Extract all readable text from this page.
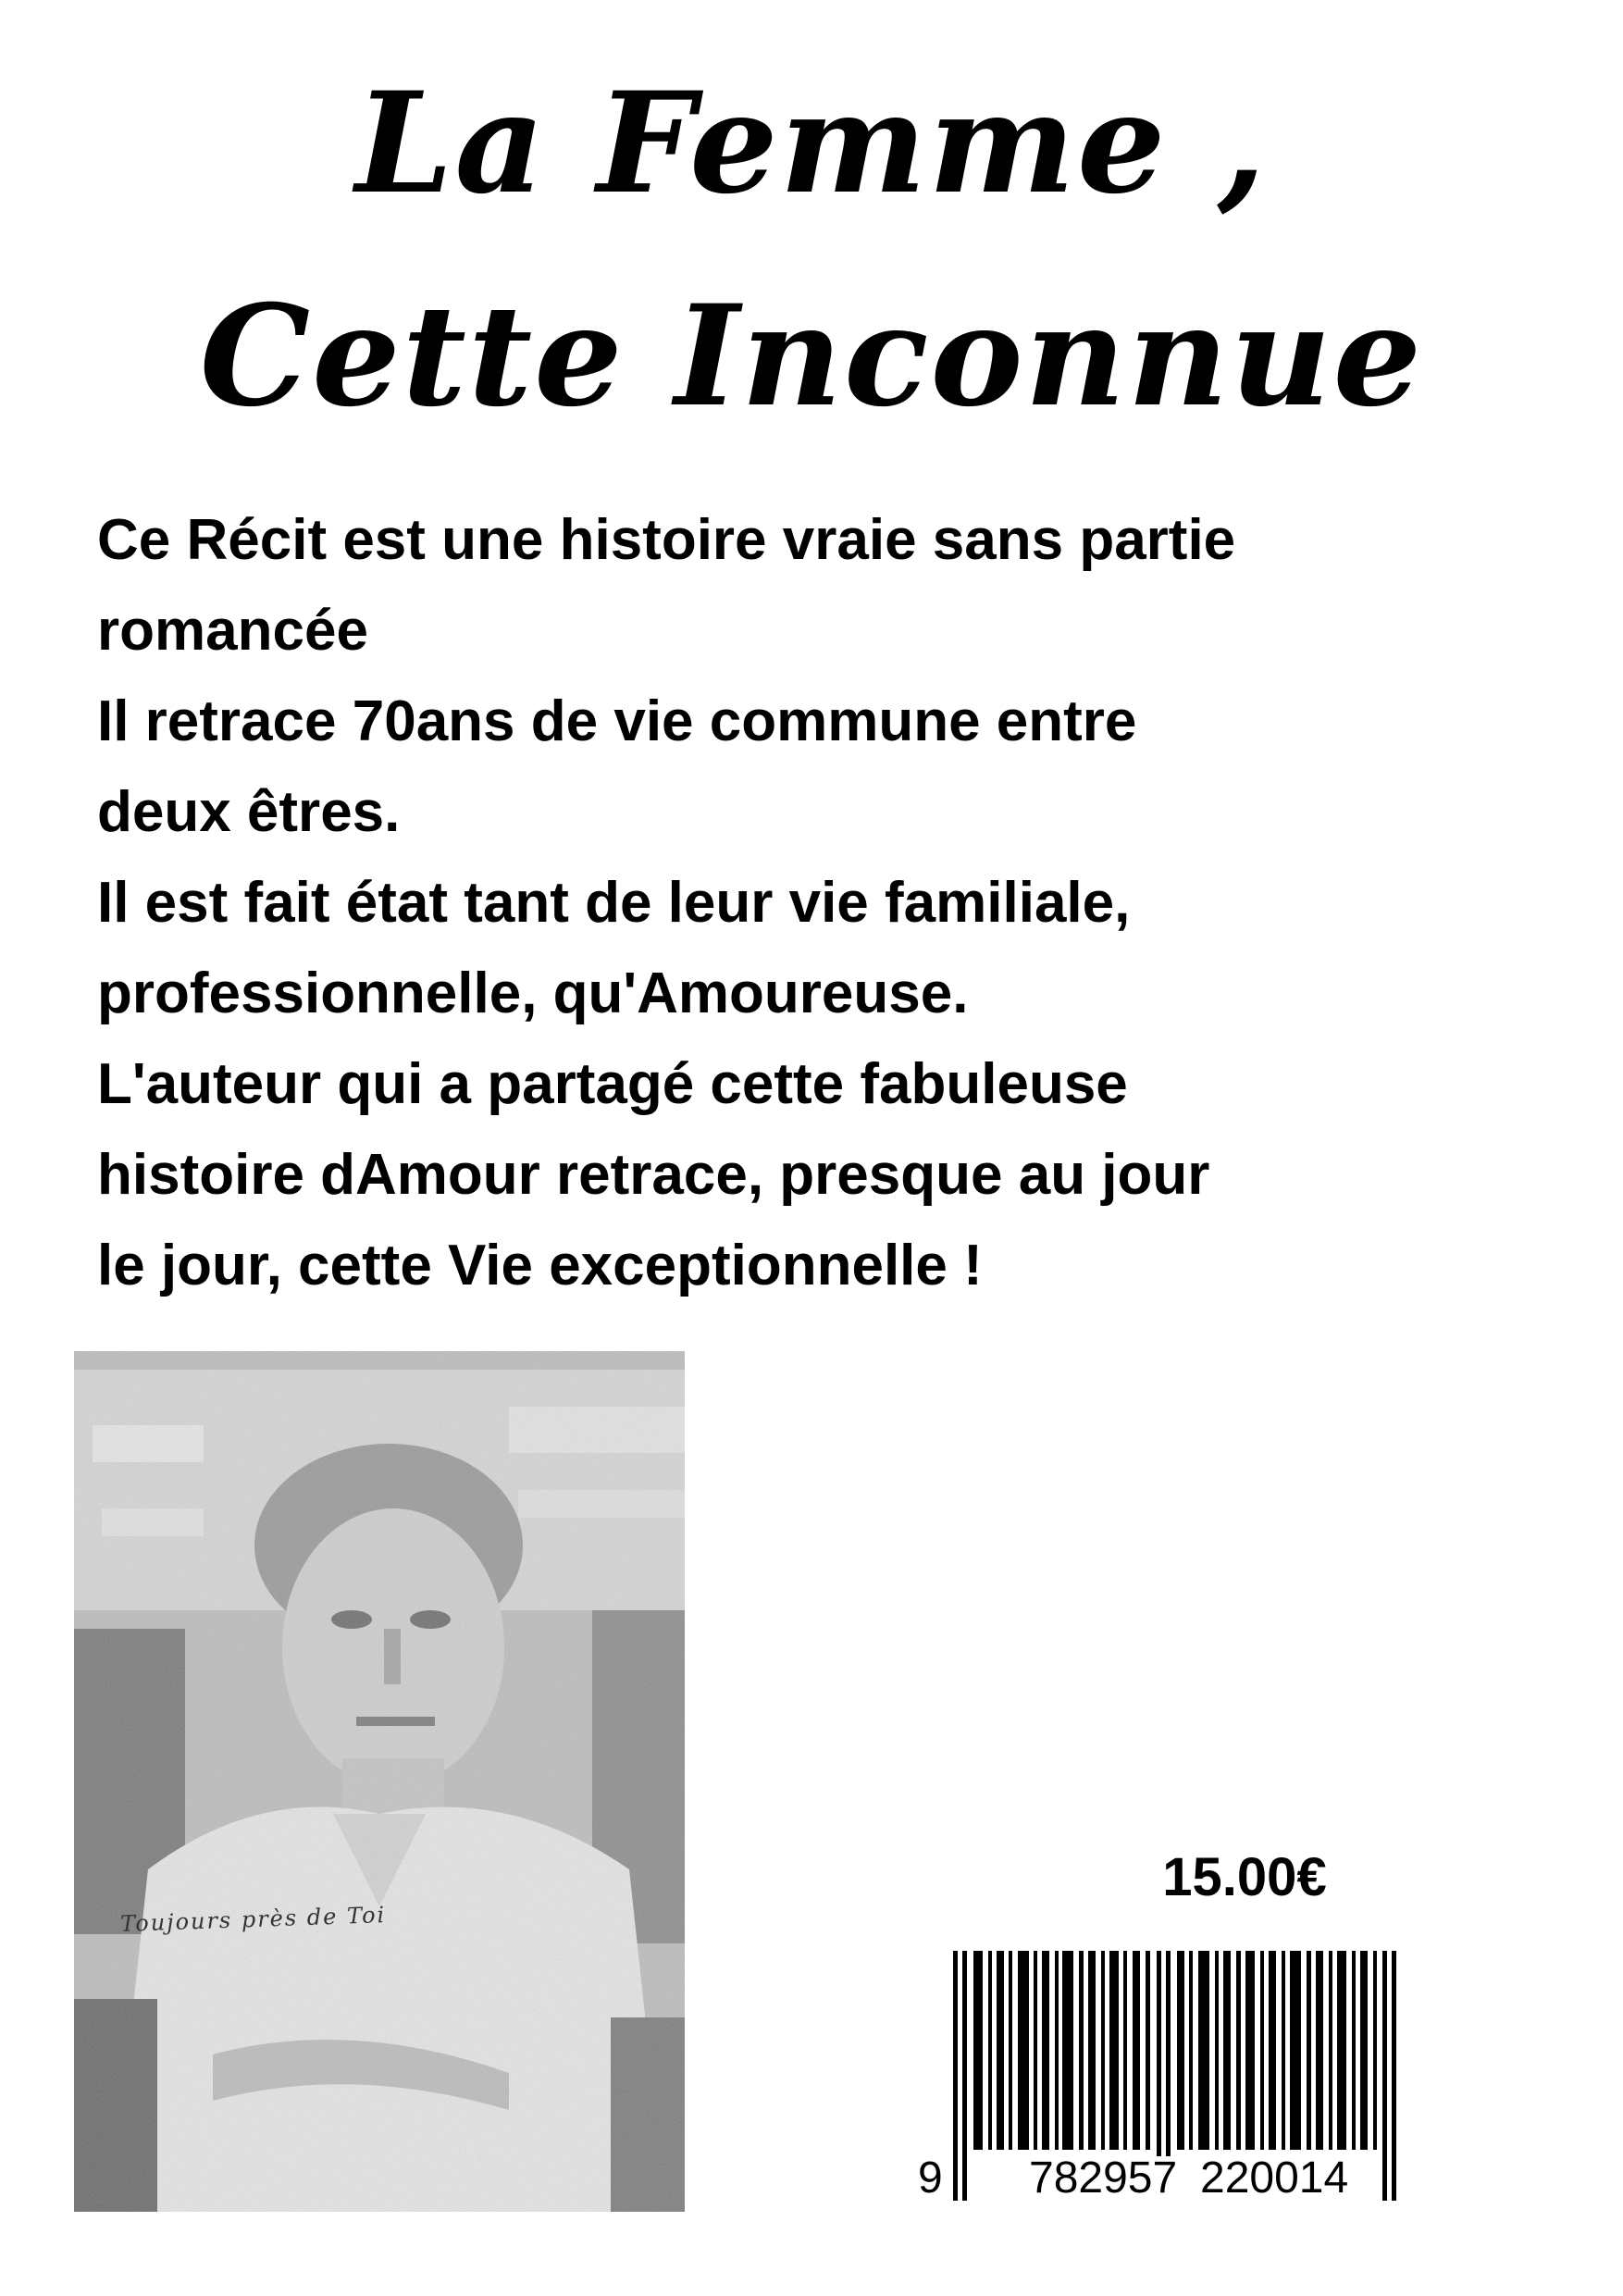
La Femme ,
Cette Inconnue

Ce Récit est une histoire vraie sans partie

romancée

Il retrace 70ans de vie commune entre

deux êtres.

Il est fait état tant de leur vie familiale,

professionnelle, qu'Amoureuse.

L'auteur qui a partagé cette fabuleuse

histoire dAmour retrace, presque au jour

le jour, cette Vie exceptionnelle !

Toujours près de Toi
15.00€
9 782957 220014
